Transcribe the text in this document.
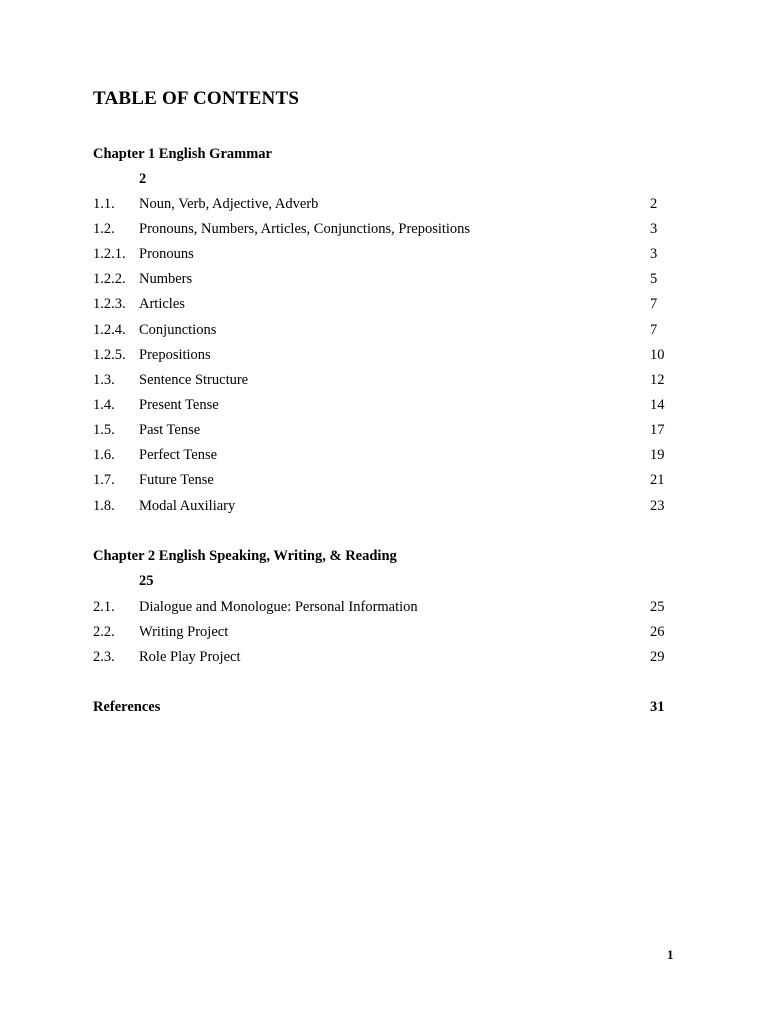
TABLE OF CONTENTS
Chapter 1 English Grammar
2
1.1. Noun, Verb, Adjective, Adverb	2
1.2. Pronouns, Numbers, Articles, Conjunctions, Prepositions	3
1.2.1. Pronouns	3
1.2.2. Numbers	5
1.2.3. Articles	7
1.2.4. Conjunctions	7
1.2.5. Prepositions	10
1.3. Sentence Structure	12
1.4. Present Tense	14
1.5. Past Tense	17
1.6. Perfect Tense	19
1.7. Future Tense	21
1.8. Modal Auxiliary	23
Chapter 2 English Speaking, Writing, & Reading
25
2.1. Dialogue and Monologue: Personal Information	25
2.2. Writing Project	26
2.3. Role Play Project	29
References	31
1
